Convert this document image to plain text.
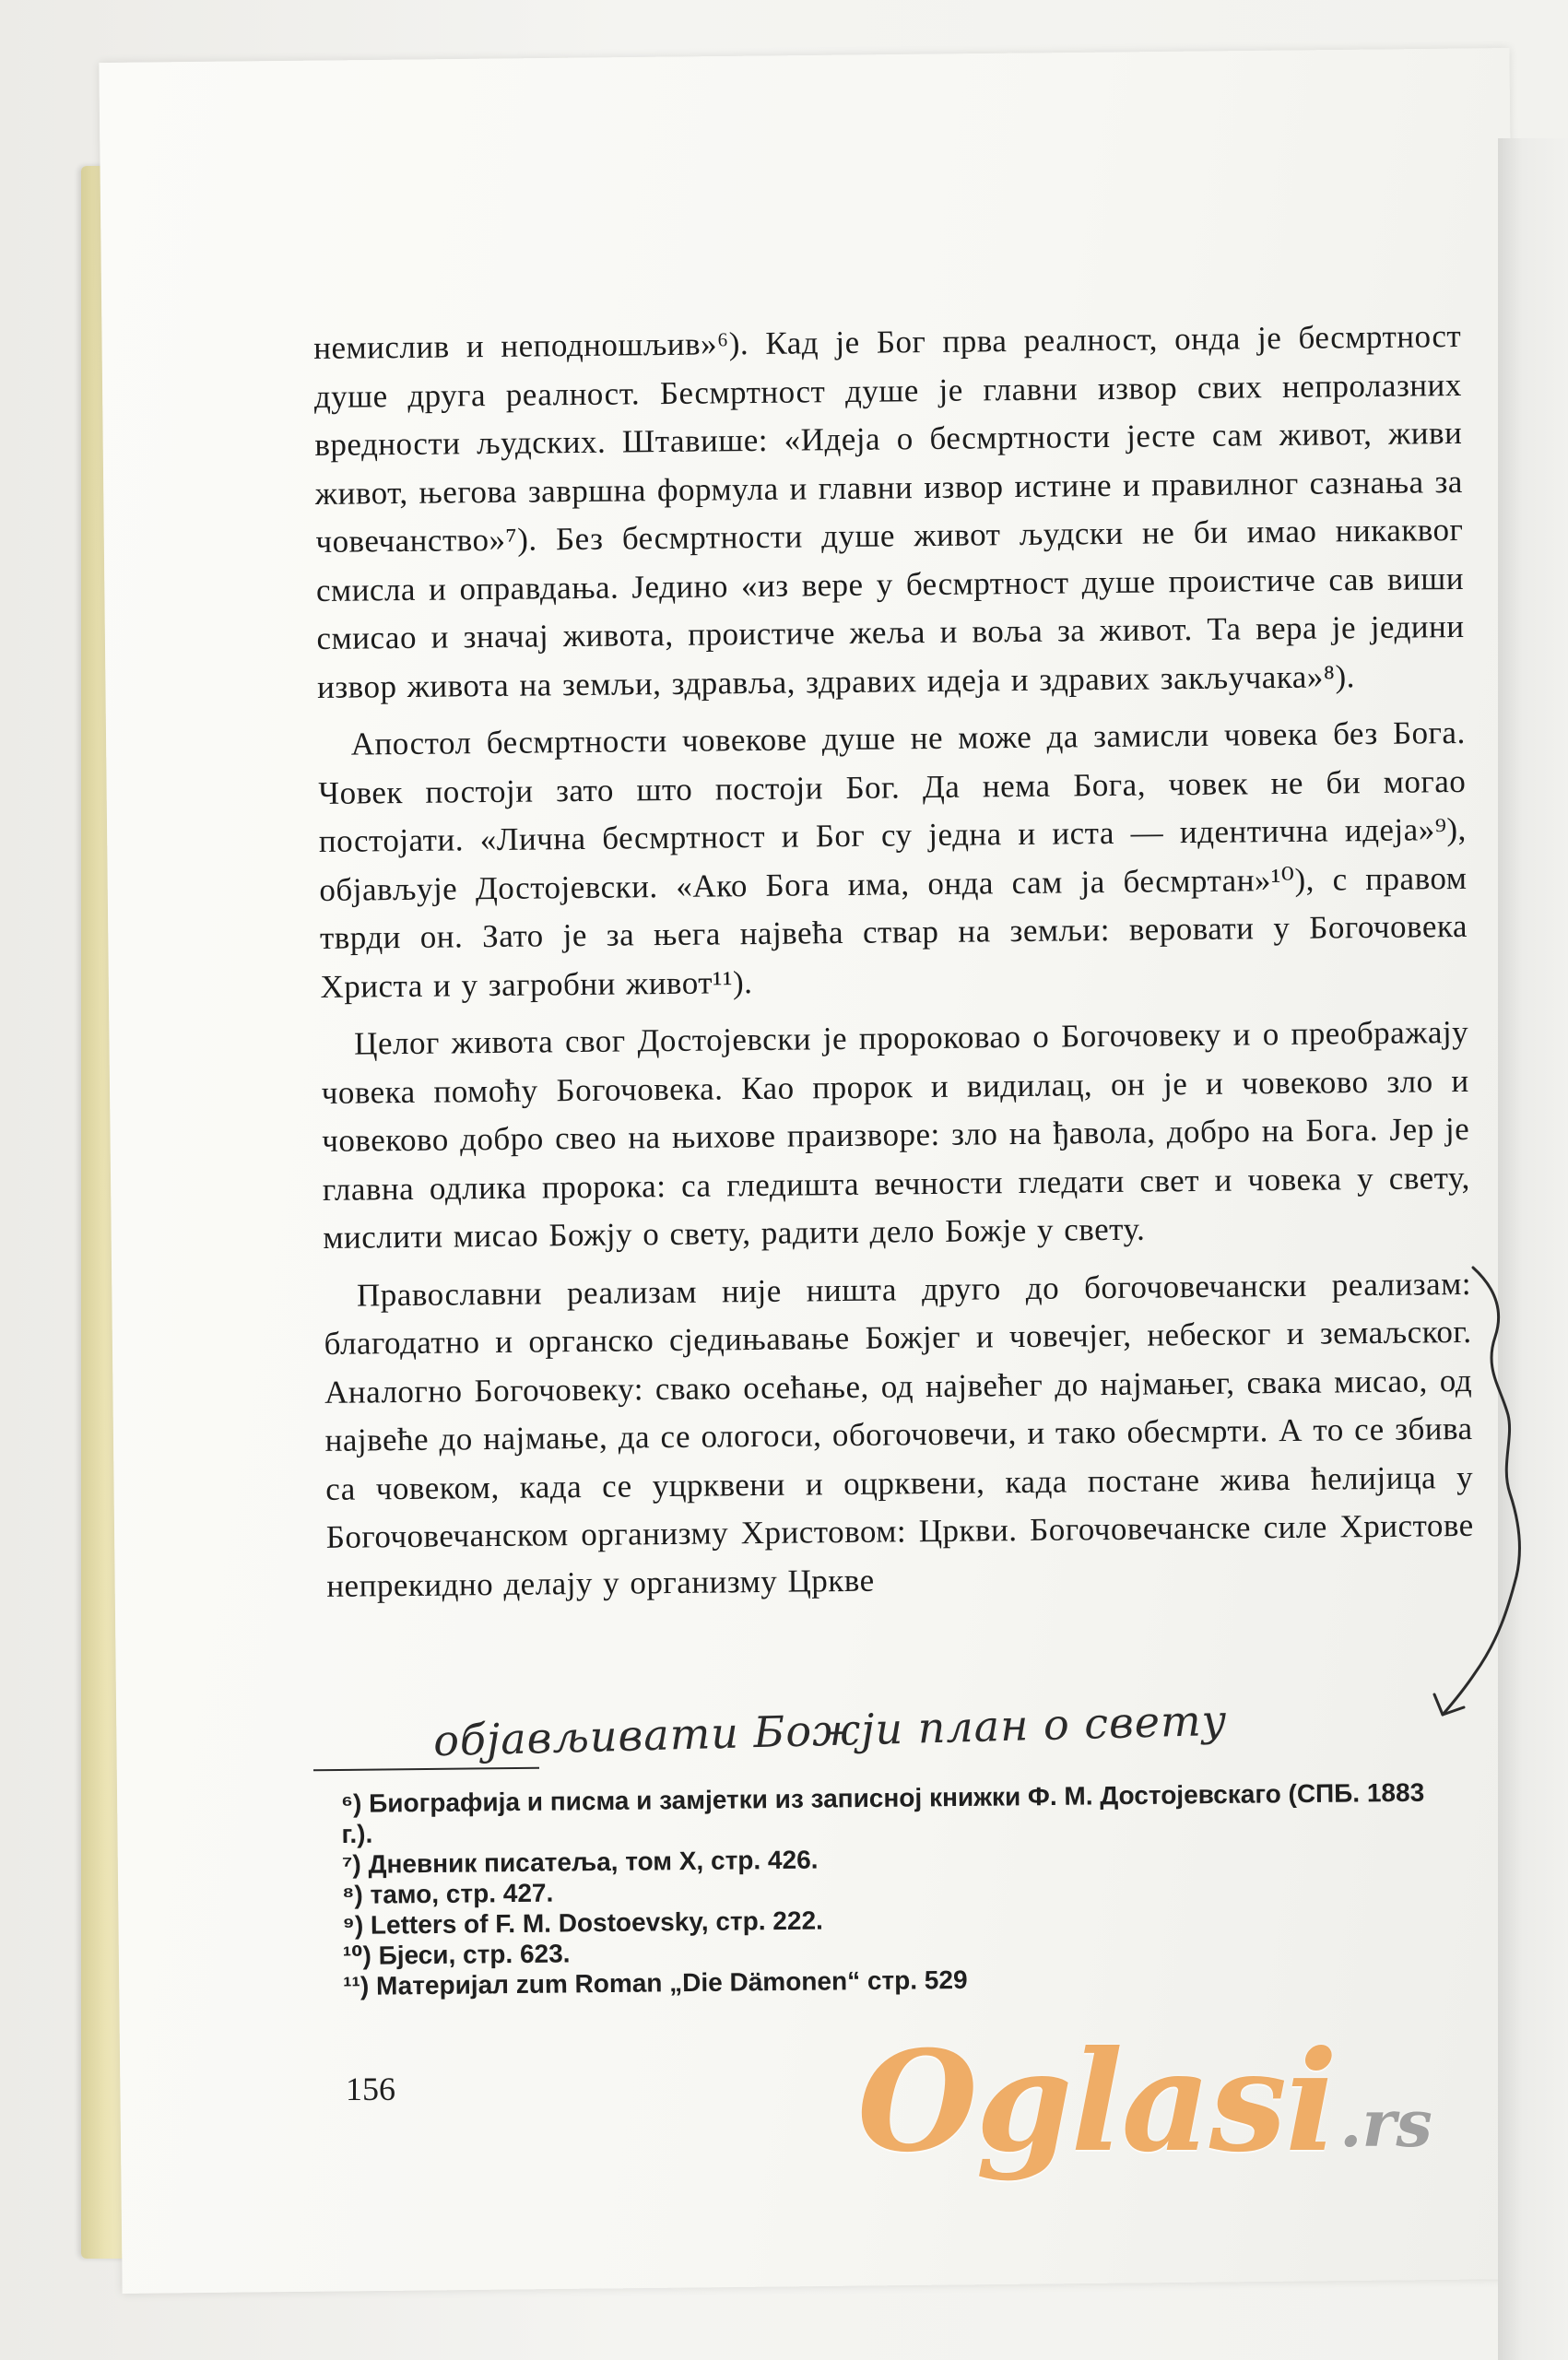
немислив и неподношљив»⁶). Кад је Бог прва реалност, онда је бесмртност душе друга реалност. Бесмртност душе је главни извор свих непролазних вредности људских. Штавише: «Идеја о бесмртности јесте сам живот, живи живот, његова завршна формула и главни извор истине и правилног сазнања за човечанство»⁷). Без бесмртности душе живот људски не би имао никаквог смисла и оправдања. Једино «из вере у бесмртност душе проистиче сав виши смисао и значај живота, проистиче жеља и воља за живот. Та вера је једини извор живота на земљи, здравља, здравих идеја и здравих закључака»⁸).

Апостол бесмртности човекове душе не може да замисли човека без Бога. Човек постоји зато што постоји Бог. Да нема Бога, човек не би могао постојати. «Лична бесмртност и Бог су једна и иста — идентична идеја»⁹), објављује Достојевски. «Ако Бога има, онда сам ја бесмртан»¹⁰), с правом тврди он. Зато је за њега највећа ствар на земљи: веровати у Богочовека Христа и у загробни живот¹¹).

Целог живота свог Достојевски је пророковао о Богочовеку и о преображају човека помоћу Богочовека. Као пророк и видилац, он је и човеково зло и човеково добро свео на њихове праизворе: зло на ђавола, добро на Бога. Јер је главна одлика пророка: са гледишта вечности гледати свет и човека у свету, мислити мисао Божју о свету, радити дело Божје у свету.

Православни реализам није ништа друго до богочовечански реализам: благодатно и органско сједињавање Божјег и човечјег, небеског и земаљског. Аналогно Богочовеку: свако осећање, од највећег до најмањег, свака мисао, од највеће до најмање, да се ологоси, обогочовечи, и тако обесмрти. А то се збива са човеком, када се уцрквени и оцрквени, када постане жива ћелијица у Богочовечанском организму Христовом: Цркви. Богочовечанске силе Христове непрекидно делају у организму Цркве

објављивати Божји план о свету

⁶) Биографија и писма и замјетки из записној книжки Ф. М. Достојевскаго (СПБ. 1883 г.).

⁷) Дневник писатеља, том X, стр. 426.

⁸) тамо, стр. 427.

⁹) Letters of F. M. Dostoevsky, стр. 222.

¹⁰) Бјеси, стр. 623.

¹¹) Материјал zum Roman „Die Dämonen“ стр. 529

156	Oglasi .rs
